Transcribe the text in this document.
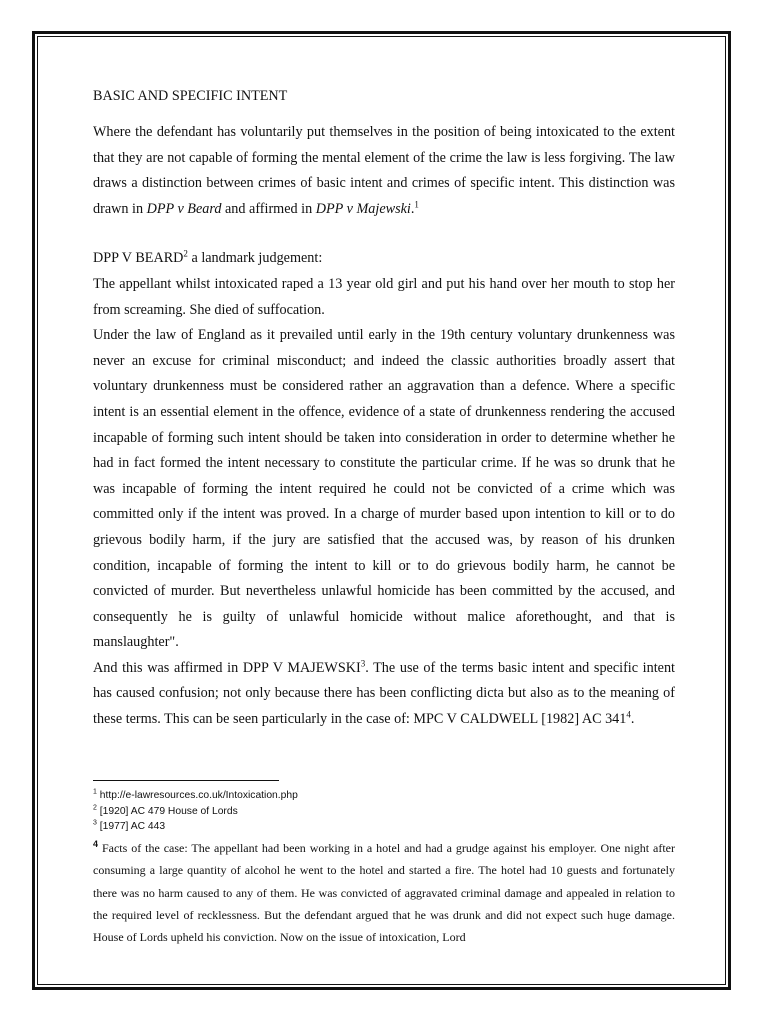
BASIC AND SPECIFIC INTENT

Where the defendant has voluntarily put themselves in the position of being intoxicated to the extent that they are not capable of forming the mental element of the crime the law is less forgiving. The law draws a distinction between crimes of basic intent and crimes of specific intent. This distinction was drawn in DPP v Beard and affirmed in DPP v Majewski.$^1$

DPP V BEARD$^2$ a landmark judgement:

The appellant whilst intoxicated raped a 13 year old girl and put his hand over her mouth to stop her from screaming. She died of suffocation.

Under the law of England as it prevailed until early in the 19th century voluntary drunkenness was never an excuse for criminal misconduct; and indeed the classic authorities broadly assert that voluntary drunkenness must be considered rather an aggravation than a defence. Where a specific intent is an essential element in the offence, evidence of a state of drunkenness rendering the accused incapable of forming such intent should be taken into consideration in order to determine whether he had in fact formed the intent necessary to constitute the particular crime. If he was so drunk that he was incapable of forming the intent required he could not be convicted of a crime which was committed only if the intent was proved. In a charge of murder based upon intention to kill or to do grievous bodily harm, if the jury are satisfied that the accused was, by reason of his drunken condition, incapable of forming the intent to kill or to do grievous bodily harm, he cannot be convicted of murder. But nevertheless unlawful homicide has been committed by the accused, and consequently he is guilty of unlawful homicide without malice aforethought, and that is manslaughter".

And this was affirmed in DPP V MAJEWSKI$^3$. The use of the terms basic intent and specific intent has caused confusion; not only because there has been conflicting dicta but also as to the meaning of these terms. This can be seen particularly in the case of: MPC V CALDWELL [1982] AC $341^4$.

$^1$ http://e-lawresources.co.uk/Intoxication.php

$^2$ [1920] AC 479 House of Lords

$^3$ [1977] AC 443

$^4$ Facts of the case: The appellant had been working in a hotel and had a grudge against his employer. One night after consuming a large quantity of alcohol he went to the hotel and started a fire. The hotel had 10 guests and fortunately there was no harm caused to any of them. He was convicted of aggravated criminal damage and appealed in relation to the required level of recklessness. But the defendant argued that he was drunk and did not expect such huge damage. House of Lords upheld his conviction. Now on the issue of intoxication, Lord
